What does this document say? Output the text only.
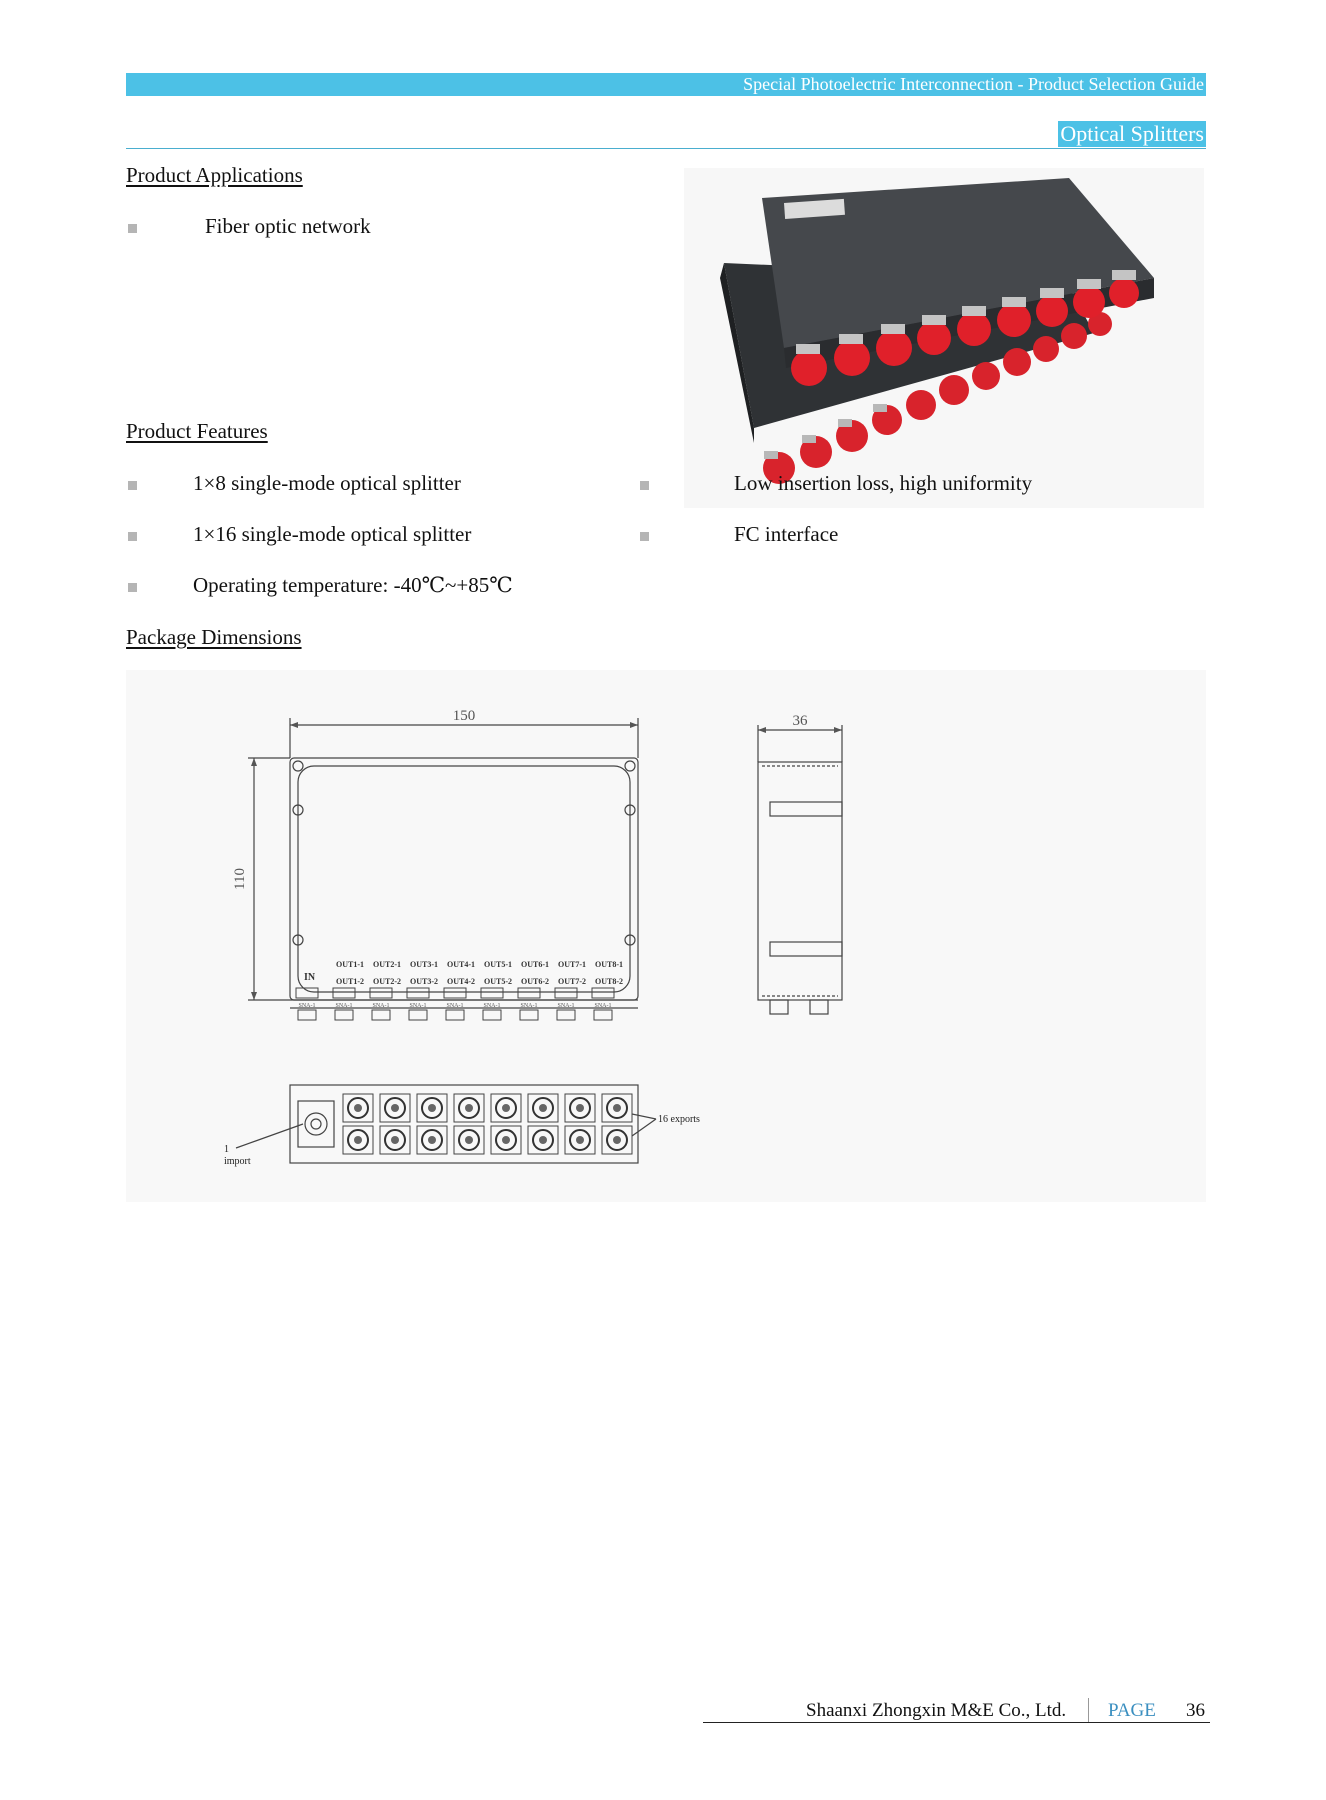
Special Photoelectric Interconnection - Product Selection Guide
Optical Splitters
Product Applications
Fiber optic network
Product Features
1×8 single-mode optical splitter
1×16 single-mode optical splitter
Operating temperature: -40℃~+85℃
Low insertion loss, high uniformity
FC interface
Package Dimensions
OUT1-1
OUT1-2
OUT2-1
OUT2-2
OUT3-1
OUT3-2
OUT4-1
OUT4-2
OUT5-1
OUT5-2
OUT6-1
OUT6-2
OUT7-1
OUT7-2
OUT8-1
OUT8-2
SNA-1	SNA-1	SNA-1	SNA-1	SNA-1	SNA-1	SNA-1	SNA-1	SNA-1
150
110
36
IN
1
import
16 exports
Shaanxi Zhongxin M&E Co., Ltd. PAGE 36
